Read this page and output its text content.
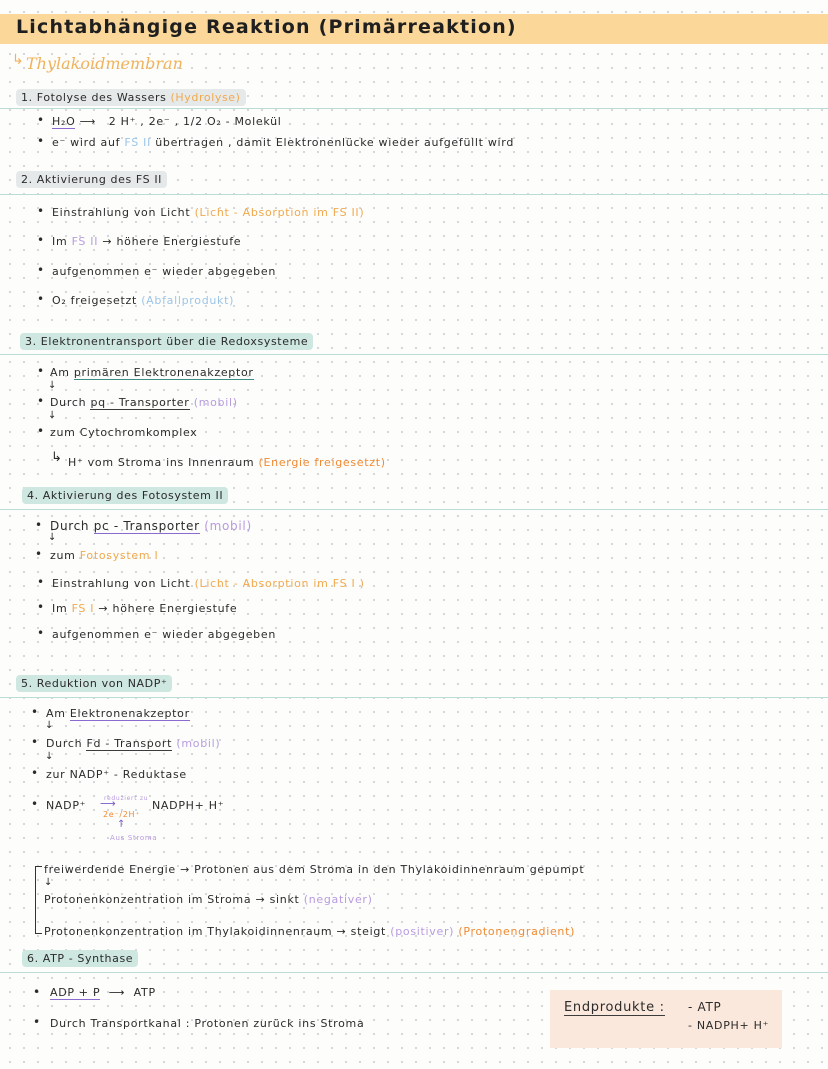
Lichtabhängige Reaktion (Primärreaktion)
↳ Thylakoidmembran
1. Fotolyse des Wassers (Hydrolyse)
• H₂O ⟶ 2 H⁺ , 2e⁻ , 1/2 O₂ - Molekül
• e⁻ wird auf FS II übertragen , damit Elektronenlücke wieder aufgefüllt wird
2. Aktivierung des FS II
• Einstrahlung von Licht (Licht - Absorption im FS II)
• Im FS II → höhere Energiestufe
• aufgenommen e⁻ wieder abgegeben
• O₂ freigesetzt (Abfallprodukt)
3. Elektronentransport über die Redoxsysteme
• Am primären Elektronenakzeptor
↓
• Durch pq - Transporter (mobil)
↓
• zum Cytochromkomplex
↳ H⁺ vom Stroma ins Innenraum (Energie freigesetzt)
4. Aktivierung des Fotosystem II
• Durch pc - Transporter (mobil)
↓
• zum Fotosystem I
• Einstrahlung von Licht (Licht - Absorption im FS I )
• Im FS I → höhere Energiestufe
• aufgenommen e⁻ wieder abgegeben
5. Reduktion von NADP⁺
• Am Elektronenakzeptor
↓
• Durch Fd - Transport (mobil)
↓
• zur NADP⁺ - Reduktase
• NADP⁺
reduziert zu
⟶
2e⁻/2H⁺
NADPH+ H⁺
↑
Aus Stroma
freiwerdende Energie → Protonen aus dem Stroma in den Thylakoidinnenraum gepumpt
↓
Protonenkonzentration im Stroma → sinkt (negativer)
Protonenkonzentration im Thylakoidinnenraum → steigt (positiver) (Protonengradient)
6. ATP - Synthase
• ADP + P ⟶ ATP
• Durch Transportkanal : Protonen zurück ins Stroma
Endprodukte : - ATP
- NADPH+ H⁺
